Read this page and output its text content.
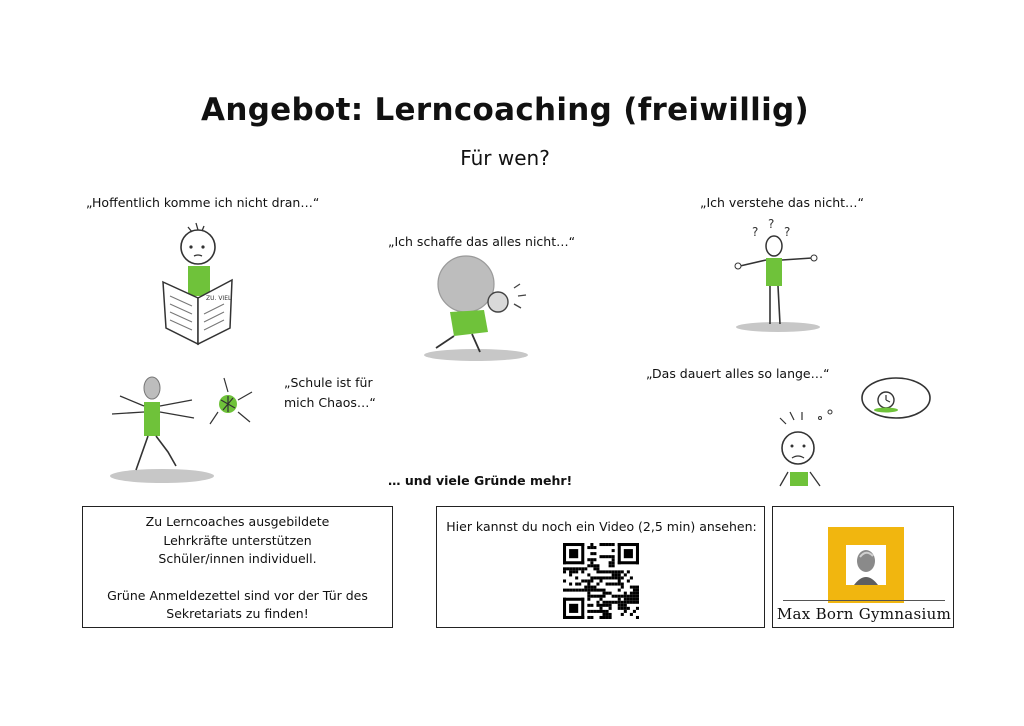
Angebot: Lerncoaching (freiwillig)
Für wen?
„Hoffentlich komme ich nicht dran…“
„Ich schaffe das alles nicht…“
„Ich verstehe das nicht…“
„Schule ist für
mich Chaos…“
„Das dauert alles so lange…“
… und viele Gründe mehr!
ZU. VIEL
?
?
?
Zu Lerncoaches ausgebildete
Lehrkräfte unterstützen
Schüler/innen individuell.
Grüne Anmeldezettel sind vor der Tür des
Sekretariats zu finden!
Hier kannst du noch ein Video (2,5 min) ansehen:
Max Born Gymnasium
